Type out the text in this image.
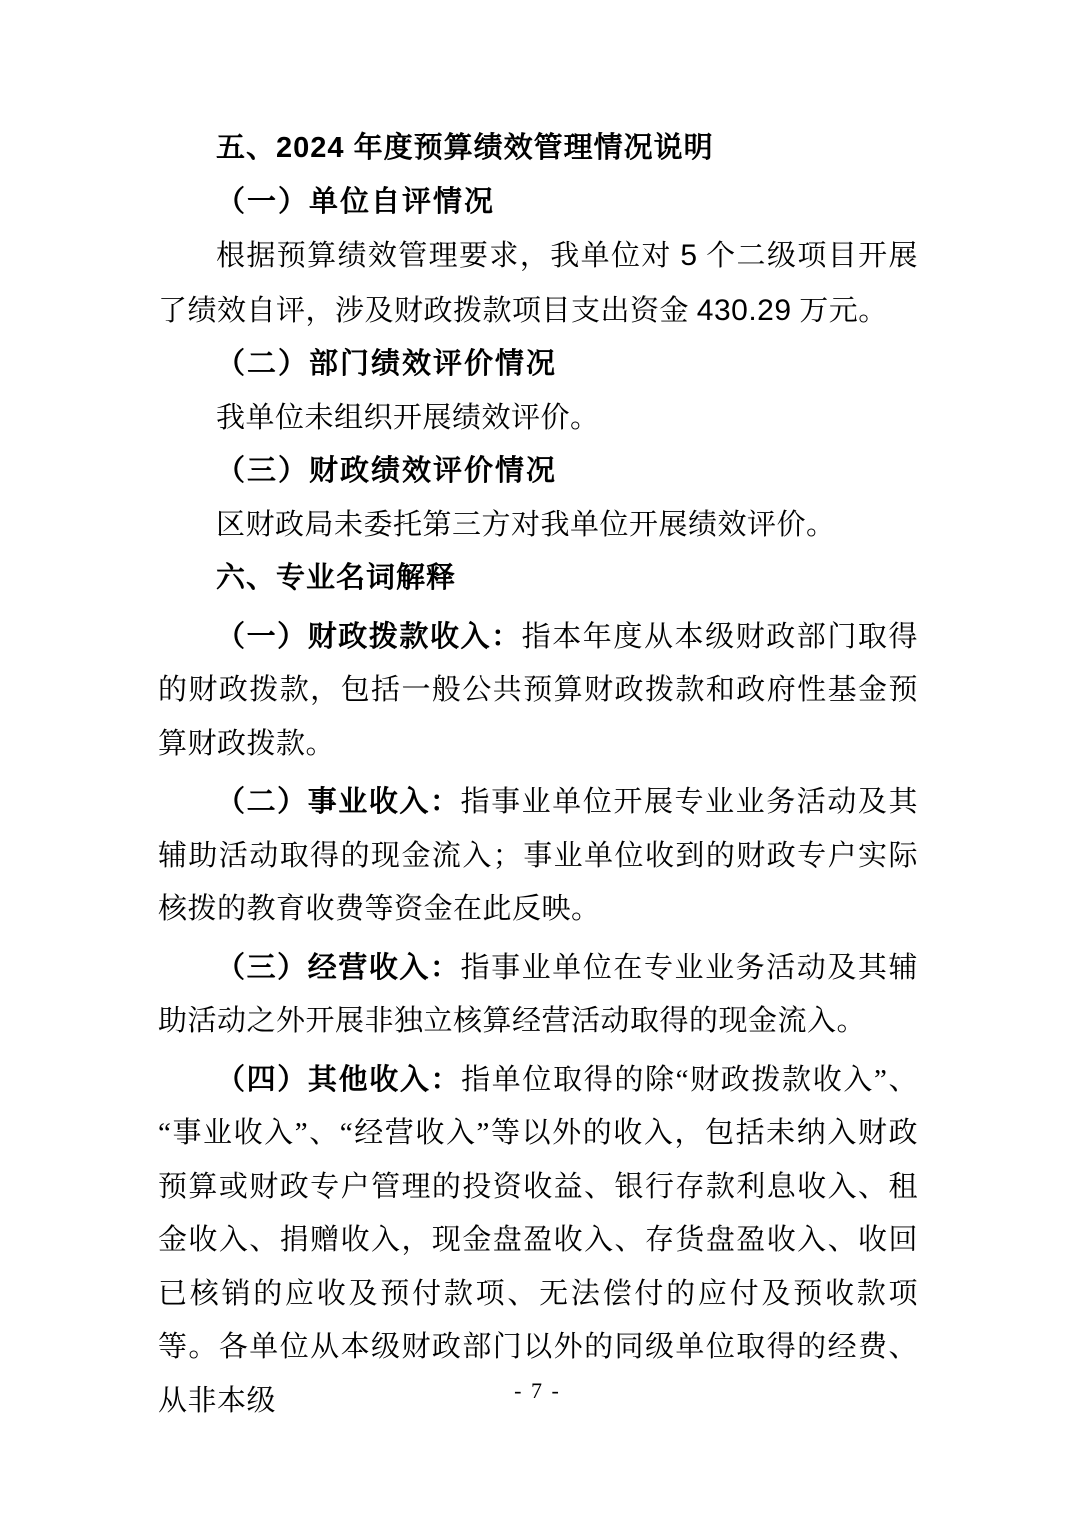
五、2024 年度预算绩效管理情况说明
（一）单位自评情况

根据预算绩效管理要求，我单位对 5 个二级项目开展了绩效自评，涉及财政拨款项目支出资金 430.29 万元。

（二）部门绩效评价情况

我单位未组织开展绩效评价。

（三）财政绩效评价情况

区财政局未委托第三方对我单位开展绩效评价。

六、专业名词解释

（一）财政拨款收入：指本年度从本级财政部门取得的财政拨款，包括一般公共预算财政拨款和政府性基金预算财政拨款。

（二）事业收入：指事业单位开展专业业务活动及其辅助活动取得的现金流入；事业单位收到的财政专户实际核拨的教育收费等资金在此反映。

（三）经营收入：指事业单位在专业业务活动及其辅助活动之外开展非独立核算经营活动取得的现金流入。

（四）其他收入：指单位取得的除“财政拨款收入”、“事业收入”、“经营收入”等以外的收入，包括未纳入财政预算或财政专户管理的投资收益、银行存款利息收入、租金收入、捐赠收入，现金盘盈收入、存货盘盈收入、收回已核销的应收及预付款项、无法偿付的应付及预收款项等。各单位从本级财政部门以外的同级单位取得的经费、从非本级	- 7 -
